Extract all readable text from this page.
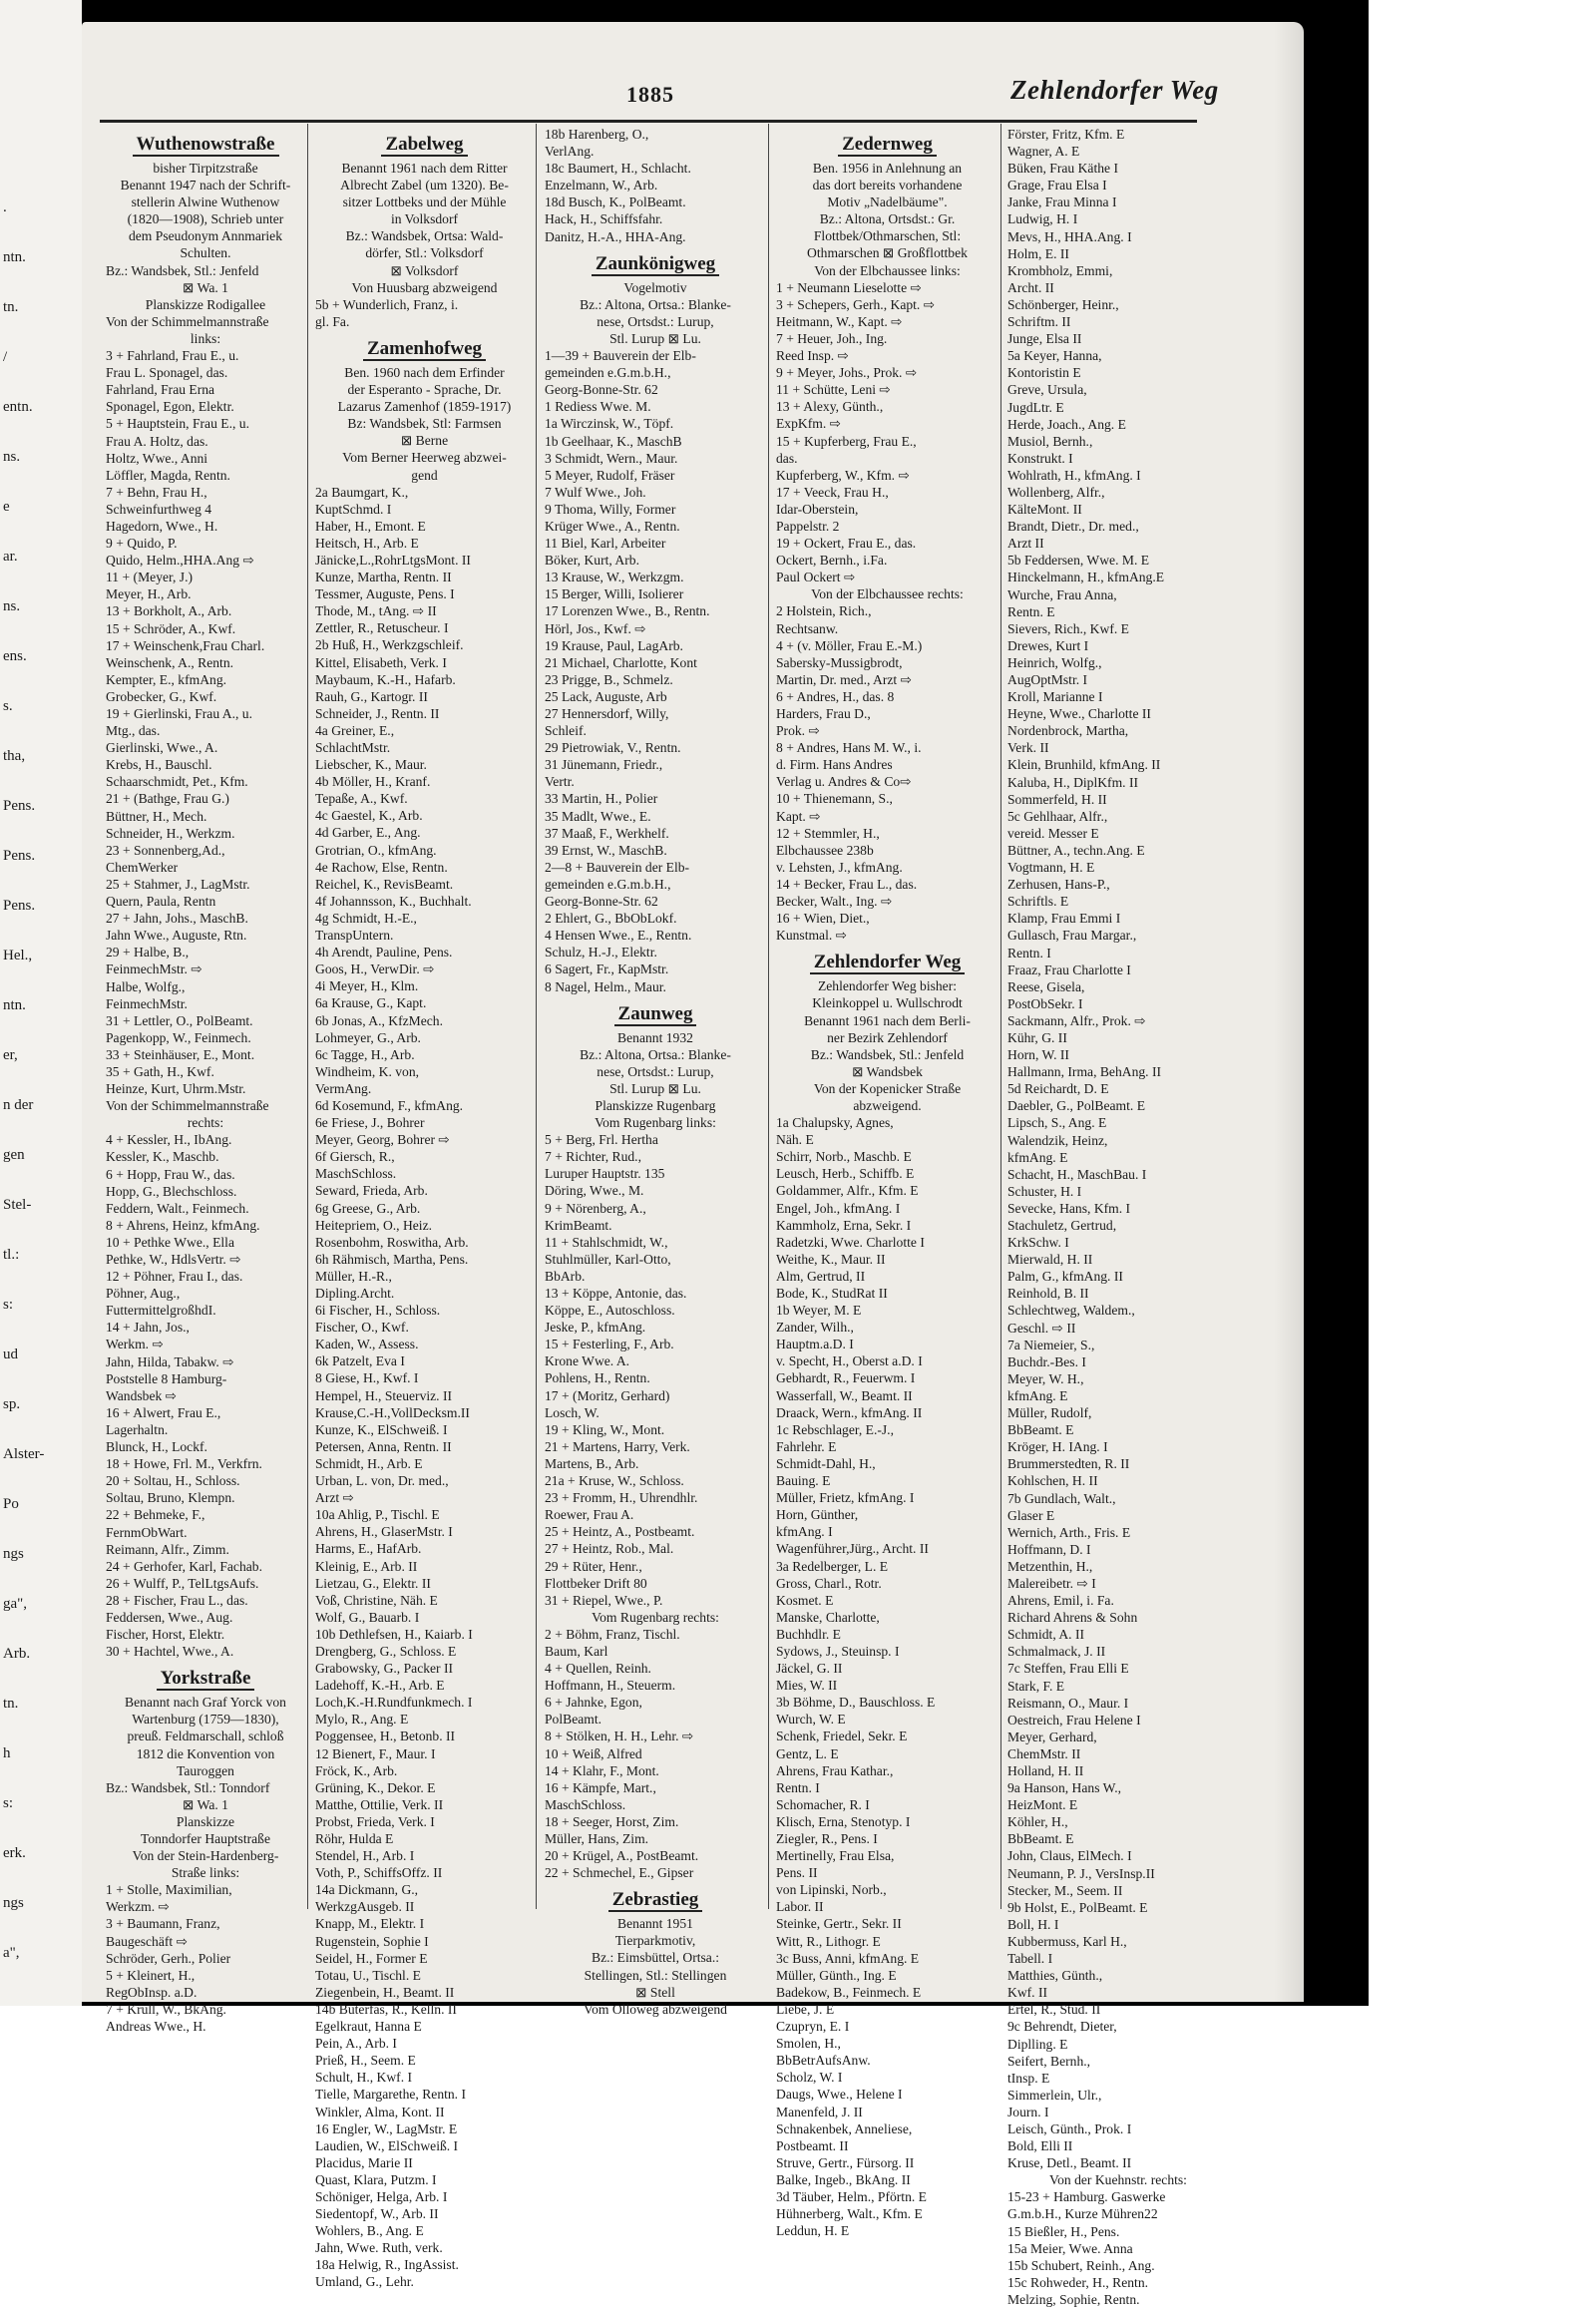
.
ntn.
tn.
/
entn.
ns.
e
ar.
ns.
ens.
s.
tha,
Pens.
Pens.
Pens.
Hel.,
ntn.
er,
n der
gen
Stel-
tl.:
s:
ud
sp.
Alster-
Po
ngs
ga",
Arb.
tn.
h
s:
erk.
ngs
a",
1885	Zehlendorfer Weg
Wuthenowstraße
bisher Tirpitzstraße
Benannt 1947 nach der Schrift-
stellerin Alwine Wuthenow
(1820—1908), Schrieb unter
dem Pseudonym Annmariek
Schulten.
Bz.: Wandsbek, Stl.: Jenfeld
⊠ Wa. 1
Planskizze Rodigallee
Von der Schimmelmannstraße
links:
3 + Fahrland, Frau E., u.
Frau L. Sponagel, das.
Fahrland, Frau Erna
Sponagel, Egon, Elektr.
5 + Hauptstein, Frau E., u.
Frau A. Holtz, das.
Holtz, Wwe., Anni
Löffler, Magda, Rentn.
7 + Behn, Frau H.,
Schweinfurthweg 4
Hagedorn, Wwe., H.
9 + Quido, P.
Quido, Helm.,HHA.Ang ⇨
11 + (Meyer, J.)
Meyer, H., Arb.
13 + Borkholt, A., Arb.
15 + Schröder, A., Kwf.
17 + Weinschenk,Frau Charl.
Weinschenk, A., Rentn.
Kempter, E., kfmAng.
Grobecker, G., Kwf.
19 + Gierlinski, Frau A., u.
Mtg., das.
Gierlinski, Wwe., A.
Krebs, H., Bauschl.
Schaarschmidt, Pet., Kfm.
21 + (Bathge, Frau G.)
Büttner, H., Mech.
Schneider, H., Werkzm.
23 + Sonnenberg,Ad.,
ChemWerker
25 + Stahmer, J., LagMstr.
Quern, Paula, Rentn
27 + Jahn, Johs., MaschB.
Jahn Wwe., Auguste, Rtn.
29 + Halbe, B.,
FeinmechMstr. ⇨
Halbe, Wolfg.,
FeinmechMstr.
31 + Lettler, O., PolBeamt.
Pagenkopp, W., Feinmech.
33 + Steinhäuser, E., Mont.
35 + Gath, H., Kwf.
Heinze, Kurt, Uhrm.Mstr.
Von der Schimmelmannstraße
rechts:
4 + Kessler, H., IbAng.
Kessler, K., Maschb.
6 + Hopp, Frau W., das.
Hopp, G., Blechschloss.
Feddern, Walt., Feinmech.
8 + Ahrens, Heinz, kfmAng.
10 + Pethke Wwe., Ella
Pethke, W., HdlsVertr. ⇨
12 + Pöhner, Frau I., das.
Pöhner, Aug.,
FuttermittelgroßhdI.
14 + Jahn, Jos.,
Werkm. ⇨
Jahn, Hilda, Tabakw. ⇨
Poststelle 8 Hamburg-
Wandsbek ⇨
16 + Alwert, Frau E.,
Lagerhaltn.
Blunck, H., Lockf.
18 + Howe, Frl. M., Verkfrn.
20 + Soltau, H., Schloss.
Soltau, Bruno, Klempn.
22 + Behmeke, F.,
FernmObWart.
Reimann, Alfr., Zimm.
24 + Gerhofer, Karl, Fachab.
26 + Wulff, P., TelLtgsAufs.
28 + Fischer, Frau L., das.
Feddersen, Wwe., Aug.
Fischer, Horst, Elektr.
30 + Hachtel, Wwe., A.
Yorkstraße
Benannt nach Graf Yorck von
Wartenburg (1759—1830),
preuß. Feldmarschall, schloß
1812 die Konvention von
Tauroggen
Bz.: Wandsbek, Stl.: Tonndorf
⊠ Wa. 1
Planskizze
Tonndorfer Hauptstraße
Von der Stein-Hardenberg-
Straße links:
1 + Stolle, Maximilian,
Werkzm. ⇨
3 + Baumann, Franz,
Baugeschäft ⇨
Schröder, Gerh., Polier
5 + Kleinert, H.,
RegObInsp. a.D.
7 + Krull, W., BkAng.
Andreas Wwe., H.
Zabelweg
Benannt 1961 nach dem Ritter
Albrecht Zabel (um 1320). Be-
sitzer Lottbeks und der Mühle
in Volksdorf
Bz.: Wandsbek, Ortsa: Wald-
dörfer, Stl.: Volksdorf
⊠ Volksdorf
Von Huusbarg abzweigend
5b + Wunderlich, Franz, i.
gl. Fa.
Zamenhofweg
Ben. 1960 nach dem Erfinder
der Esperanto - Sprache, Dr.
Lazarus Zamenhof (1859-1917)
Bz: Wandsbek, Stl: Farmsen
⊠ Berne
Vom Berner Heerweg abzwei-
gend
2a Baumgart, K.,
KuptSchmd. I
Haber, H., Emont. E
Heitsch, H., Arb. E
Jänicke,L.,RohrLtgsMont. II
Kunze, Martha, Rentn. II
Tessmer, Auguste, Pens. I
Thode, M., tAng. ⇨ II
Zettler, R., Retuscheur. I
2b Huß, H., Werkzgschleif.
Kittel, Elisabeth, Verk. I
Maybaum, K.-H., Hafarb.
Rauh, G., Kartogr. II
Schneider, J., Rentn. II
4a Greiner, E.,
SchlachtMstr.
Liebscher, K., Maur.
4b Möller, H., Kranf.
Tepaße, A., Kwf.
4c Gaestel, K., Arb.
4d Garber, E., Ang.
Grotrian, O., kfmAng.
4e Rachow, Else, Rentn.
Reichel, K., RevisBeamt.
4f Johannsson, K., Buchhalt.
4g Schmidt, H.-E.,
TranspUntern.
4h Arendt, Pauline, Pens.
Goos, H., VerwDir. ⇨
4i Meyer, H., Klm.
6a Krause, G., Kapt.
6b Jonas, A., KfzMech.
Lohmeyer, G., Arb.
6c Tagge, H., Arb.
Windheim, K. von,
VermAng.
6d Kosemund, F., kfmAng.
6e Friese, J., Bohrer
Meyer, Georg, Bohrer ⇨
6f Giersch, R.,
MaschSchloss.
Seward, Frieda, Arb.
6g Greese, G., Arb.
Heitepriem, O., Heiz.
Rosenbohm, Roswitha, Arb.
6h Rähmisch, Martha, Pens.
Müller, H.-R.,
Dipling.Archt.
6i Fischer, H., Schloss.
Fischer, O., Kwf.
Kaden, W., Assess.
6k Patzelt, Eva I
8 Giese, H., Kwf. I
Hempel, H., Steuerviz. II
Krause,C.-H.,VollDecksm.II
Kunze, K., ElSchweiß. I
Petersen, Anna, Rentn. II
Schmidt, H., Arb. E
Urban, L. von, Dr. med.,
Arzt ⇨
10a Ahlig, P., Tischl. E
Ahrens, H., GlaserMstr. I
Harms, E., HafArb.
Kleinig, E., Arb. II
Lietzau, G., Elektr. II
Voß, Christine, Näh. E
Wolf, G., Bauarb. I
10b Dethlefsen, H., Kaiarb. I
Drengberg, G., Schloss. E
Grabowsky, G., Packer II
Ladehoff, K.-H., Arb. E
Loch,K.-H.Rundfunkmech. I
Mylo, R., Ang. E
Poggensee, H., Betonb. II
12 Bienert, F., Maur. I
Fröck, K., Arb.
Grüning, K., Dekor. E
Matthe, Ottilie, Verk. II
Probst, Frieda, Verk. I
Röhr, Hulda E
Stendel, H., Arb. I
Voth, P., SchiffsOffz. II
14a Dickmann, G.,
WerkzgAusgeb. II
Knapp, M., Elektr. I
Rugenstein, Sophie I
Seidel, H., Former E
Totau, U., Tischl. E
Ziegenbein, H., Beamt. II
14b Buterfas, R., Kelln. II
Egelkraut, Hanna E
Pein, A., Arb. I
Prieß, H., Seem. E
Schult, H., Kwf. I
Tielle, Margarethe, Rentn. I
Winkler, Alma, Kont. II
16 Engler, W., LagMstr. E
Laudien, W., ElSchweiß. I
Placidus, Marie II
Quast, Klara, Putzm. I
Schöniger, Helga, Arb. I
Siedentopf, W., Arb. II
Wohlers, B., Ang. E
Jahn, Wwe. Ruth, verk.
18a Helwig, R., IngAssist.
Umland, G., Lehr.
18b Harenberg, O.,
VerlAng.
18c Baumert, H., Schlacht.
Enzelmann, W., Arb.
18d Busch, K., PolBeamt.
Hack, H., Schiffsfahr.
Danitz, H.-A., HHA-Ang.
Zaunkönigweg
Vogelmotiv
Bz.: Altona, Ortsa.: Blanke-
nese, Ortsdst.: Lurup,
Stl. Lurup ⊠ Lu.
1—39 + Bauverein der Elb-
gemeinden e.G.m.b.H.,
Georg-Bonne-Str. 62
1 Rediess Wwe. M.
1a Wirczinsk, W., Töpf.
1b Geelhaar, K., MaschB
3 Schmidt, Wern., Maur.
5 Meyer, Rudolf, Fräser
7 Wulf Wwe., Joh.
9 Thoma, Willy, Former
Krüger Wwe., A., Rentn.
11 Biel, Karl, Arbeiter
Böker, Kurt, Arb.
13 Krause, W., Werkzgm.
15 Berger, Willi, Isolierer
17 Lorenzen Wwe., B., Rentn.
Hörl, Jos., Kwf. ⇨
19 Krause, Paul, LagArb.
21 Michael, Charlotte, Kont
23 Prigge, B., Schmelz.
25 Lack, Auguste, Arb
27 Hennersdorf, Willy,
Schleif.
29 Pietrowiak, V., Rentn.
31 Jünemann, Friedr.,
Vertr.
33 Martin, H., Polier
35 Madlt, Wwe., E.
37 Maaß, F., Werkhelf.
39 Ernst, W., MaschB.
2—8 + Bauverein der Elb-
gemeinden e.G.m.b.H.,
Georg-Bonne-Str. 62
2 Ehlert, G., BbObLokf.
4 Hensen Wwe., E., Rentn.
Schulz, H.-J., Elektr.
6 Sagert, Fr., KapMstr.
8 Nagel, Helm., Maur.
Zaunweg
Benannt 1932
Bz.: Altona, Ortsa.: Blanke-
nese, Ortsdst.: Lurup,
Stl. Lurup ⊠ Lu.
Planskizze Rugenbarg
Vom Rugenbarg links:
5 + Berg, Frl. Hertha
7 + Richter, Rud.,
Luruper Hauptstr. 135
Döring, Wwe., M.
9 + Nörenberg, A.,
KrimBeamt.
11 + Stahlschmidt, W.,
Stuhlmüller, Karl-Otto,
BbArb.
13 + Köppe, Antonie, das.
Köppe, E., Autoschloss.
Jeske, P., kfmAng.
15 + Festerling, F., Arb.
Krone Wwe. A.
Pohlens, H., Rentn.
17 + (Moritz, Gerhard)
Losch, W.
19 + Kling, W., Mont.
21 + Martens, Harry, Verk.
Martens, B., Arb.
21a + Kruse, W., Schloss.
23 + Fromm, H., Uhrendhlr.
Roewer, Frau A.
25 + Heintz, A., Postbeamt.
27 + Heintz, Rob., Mal.
29 + Rüter, Henr.,
Flottbeker Drift 80
31 + Riepel, Wwe., P.
Vom Rugenbarg rechts:
2 + Böhm, Franz, Tischl.
Baum, Karl
4 + Quellen, Reinh.
Hoffmann, H., Steuerm.
6 + Jahnke, Egon,
PolBeamt.
8 + Stölken, H. H., Lehr. ⇨
10 + Weiß, Alfred
14 + Klahr, F., Mont.
16 + Kämpfe, Mart.,
MaschSchloss.
18 + Seeger, Horst, Zim.
Müller, Hans, Zim.
20 + Krügel, A., PostBeamt.
22 + Schmechel, E., Gipser
Zebrastieg
Benannt 1951
Tierparkmotiv,
Bz.: Eimsbüttel, Ortsa.:
Stellingen, Stl.: Stellingen
⊠ Stell
Vom Olloweg abzweigend
Zedernweg
Ben. 1956 in Anlehnung an
das dort bereits vorhandene
Motiv „Nadelbäume".
Bz.: Altona, Ortsdst.: Gr.
Flottbek/Othmarschen, Stl:
Othmarschen ⊠ Großflottbek
Von der Elbchaussee links:
1 + Neumann Lieselotte ⇨
3 + Schepers, Gerh., Kapt. ⇨
Heitmann, W., Kapt. ⇨
7 + Heuer, Joh., Ing.
Reed Insp. ⇨
9 + Meyer, Johs., Prok. ⇨
11 + Schütte, Leni ⇨
13 + Alexy, Günth.,
ExpKfm. ⇨
15 + Kupferberg, Frau E.,
das.
Kupferberg, W., Kfm. ⇨
17 + Veeck, Frau H.,
Idar-Oberstein,
Pappelstr. 2
19 + Ockert, Frau E., das.
Ockert, Bernh., i.Fa.
Paul Ockert ⇨
Von der Elbchaussee rechts:
2 Holstein, Rich.,
Rechtsanw.
4 + (v. Möller, Frau E.-M.)
Sabersky-Mussigbrodt,
Martin, Dr. med., Arzt ⇨
6 + Andres, H., das. 8
Harders, Frau D.,
Prok. ⇨
8 + Andres, Hans M. W., i.
d. Firm. Hans Andres
Verlag u. Andres & Co⇨
10 + Thienemann, S.,
Kapt. ⇨
12 + Stemmler, H.,
Elbchaussee 238b
v. Lehsten, J., kfmAng.
14 + Becker, Frau L., das.
Becker, Walt., Ing. ⇨
16 + Wien, Diet.,
Kunstmal. ⇨
Zehlendorfer Weg
Zehlendorfer Weg bisher:
Kleinkoppel u. Wullschrodt
Benannt 1961 nach dem Berli-
ner Bezirk Zehlendorf
Bz.: Wandsbek, Stl.: Jenfeld
⊠ Wandsbek
Von der Kopenicker Straße
abzweigend.
1a Chalupsky, Agnes,
Näh. E
Schirr, Norb., Maschb. E
Leusch, Herb., Schiffb. E
Goldammer, Alfr., Kfm. E
Engel, Joh., kfmAng. I
Kammholz, Erna, Sekr. I
Radetzki, Wwe. Charlotte I
Weithe, K., Maur. II
Alm, Gertrud, II
Bode, K., StudRat II
1b Weyer, M. E
Zander, Wilh.,
Hauptm.a.D. I
v. Specht, H., Oberst a.D. I
Gebhardt, R., Feuerwm. I
Wasserfall, W., Beamt. II
Draack, Wern., kfmAng. II
1c Rebschlager, E.-J.,
Fahrlehr. E
Schmidt-Dahl, H.,
Bauing. E
Müller, Frietz, kfmAng. I
Horn, Günther,
kfmAng. I
Wagenführer,Jürg., Archt. II
3a Redelberger, L. E
Gross, Charl., Rotr.
Kosmet. E
Manske, Charlotte,
Buchhdlr. E
Sydows, J., Steuinsp. I
Jäckel, G. II
Mies, W. II
3b Böhme, D., Bauschloss. E
Wurch, W. E
Schenk, Friedel, Sekr. E
Gentz, L. E
Ahrens, Frau Kathar.,
Rentn. I
Schomacher, R. I
Klisch, Erna, Stenotyp. I
Ziegler, R., Pens. I
Mertinelly, Frau Elsa,
Pens. II
von Lipinski, Norb.,
Labor. II
Steinke, Gertr., Sekr. II
Witt, R., Lithogr. E
3c Buss, Anni, kfmAng. E
Müller, Günth., Ing. E
Badekow, B., Feinmech. E
Liebe, J. E
Czupryn, E. I
Smolen, H.,
BbBetrAufsAnw.
Scholz, W. I
Daugs, Wwe., Helene I
Manenfeld, J. II
Schnakenbek, Anneliese,
Postbeamt. II
Struve, Gertr., Fürsorg. II
Balke, Ingeb., BkAng. II
3d Täuber, Helm., Pförtn. E
Hühnerberg, Walt., Kfm. E
Leddun, H. E
Förster, Fritz, Kfm. E
Wagner, A. E
Büken, Frau Käthe I
Grage, Frau Elsa I
Janke, Frau Minna I
Ludwig, H. I
Mevs, H., HHA.Ang. I
Holm, E. II
Krombholz, Emmi,
Archt. II
Schönberger, Heinr.,
Schriftm. II
Junge, Elsa II
5a Keyer, Hanna,
Kontoristin E
Greve, Ursula,
JugdLtr. E
Herde, Joach., Ang. E
Musiol, Bernh.,
Konstrukt. I
Wohlrath, H., kfmAng. I
Wollenberg, Alfr.,
KälteMont. II
Brandt, Dietr., Dr. med.,
Arzt II
5b Feddersen, Wwe. M. E
Hinckelmann, H., kfmAng.E
Wurche, Frau Anna,
Rentn. E
Sievers, Rich., Kwf. E
Drewes, Kurt I
Heinrich, Wolfg.,
AugOptMstr. I
Kroll, Marianne I
Heyne, Wwe., Charlotte II
Nordenbrock, Martha,
Verk. II
Klein, Brunhild, kfmAng. II
Kaluba, H., DiplKfm. II
Sommerfeld, H. II
5c Gehlhaar, Alfr.,
vereid. Messer E
Büttner, A., techn.Ang. E
Vogtmann, H. E
Zerhusen, Hans-P.,
Schriftls. E
Klamp, Frau Emmi I
Gullasch, Frau Margar.,
Rentn. I
Fraaz, Frau Charlotte I
Reese, Gisela,
PostObSekr. I
Sackmann, Alfr., Prok. ⇨
Kühr, G. II
Horn, W. II
Hallmann, Irma, BehAng. II
5d Reichardt, D. E
Daebler, G., PolBeamt. E
Lipsch, S., Ang. E
Walendzik, Heinz,
kfmAng. E
Schacht, H., MaschBau. I
Schuster, H. I
Sevecke, Hans, Kfm. I
Stachuletz, Gertrud,
KrkSchw. I
Mierwald, H. II
Palm, G., kfmAng. II
Reinhold, B. II
Schlechtweg, Waldem.,
Geschl. ⇨ II
7a Niemeier, S.,
Buchdr.-Bes. I
Meyer, W. H.,
kfmAng. E
Müller, Rudolf,
BbBeamt. E
Kröger, H. IAng. I
Brummerstedten, R. II
Kohlschen, H. II
7b Gundlach, Walt.,
Glaser E
Wernich, Arth., Fris. E
Hoffmann, D. I
Metzenthin, H.,
Malereibetr. ⇨ I
Ahrens, Emil, i. Fa.
Richard Ahrens & Sohn
Schmidt, A. II
Schmalmack, J. II
7c Steffen, Frau Elli E
Stark, F. E
Reismann, O., Maur. I
Oestreich, Frau Helene I
Meyer, Gerhard,
ChemMstr. II
Holland, H. II
9a Hanson, Hans W.,
HeizMont. E
Köhler, H.,
BbBeamt. E
John, Claus, ElMech. I
Neumann, P. J., VersInsp.II
Stecker, M., Seem. II
9b Holst, E., PolBeamt. E
Boll, H. I
Kubbermuss, Karl H.,
Tabell. I
Matthies, Günth.,
Kwf. II
Ertel, R., Stud. II
9c Behrendt, Dieter,
Diplling. E
Seifert, Bernh.,
tInsp. E
Simmerlein, Ulr.,
Journ. I
Leisch, Günth., Prok. I
Bold, Elli II
Kruse, Detl., Beamt. II
Von der Kuehnstr. rechts:
15-23 + Hamburg. Gaswerke
G.m.b.H., Kurze Mühren22
15 Bießler, H., Pens.
15a Meier, Wwe. Anna
15b Schubert, Reinh., Ang.
15c Rohweder, H., Rentn.
Melzing, Sophie, Rentn.
